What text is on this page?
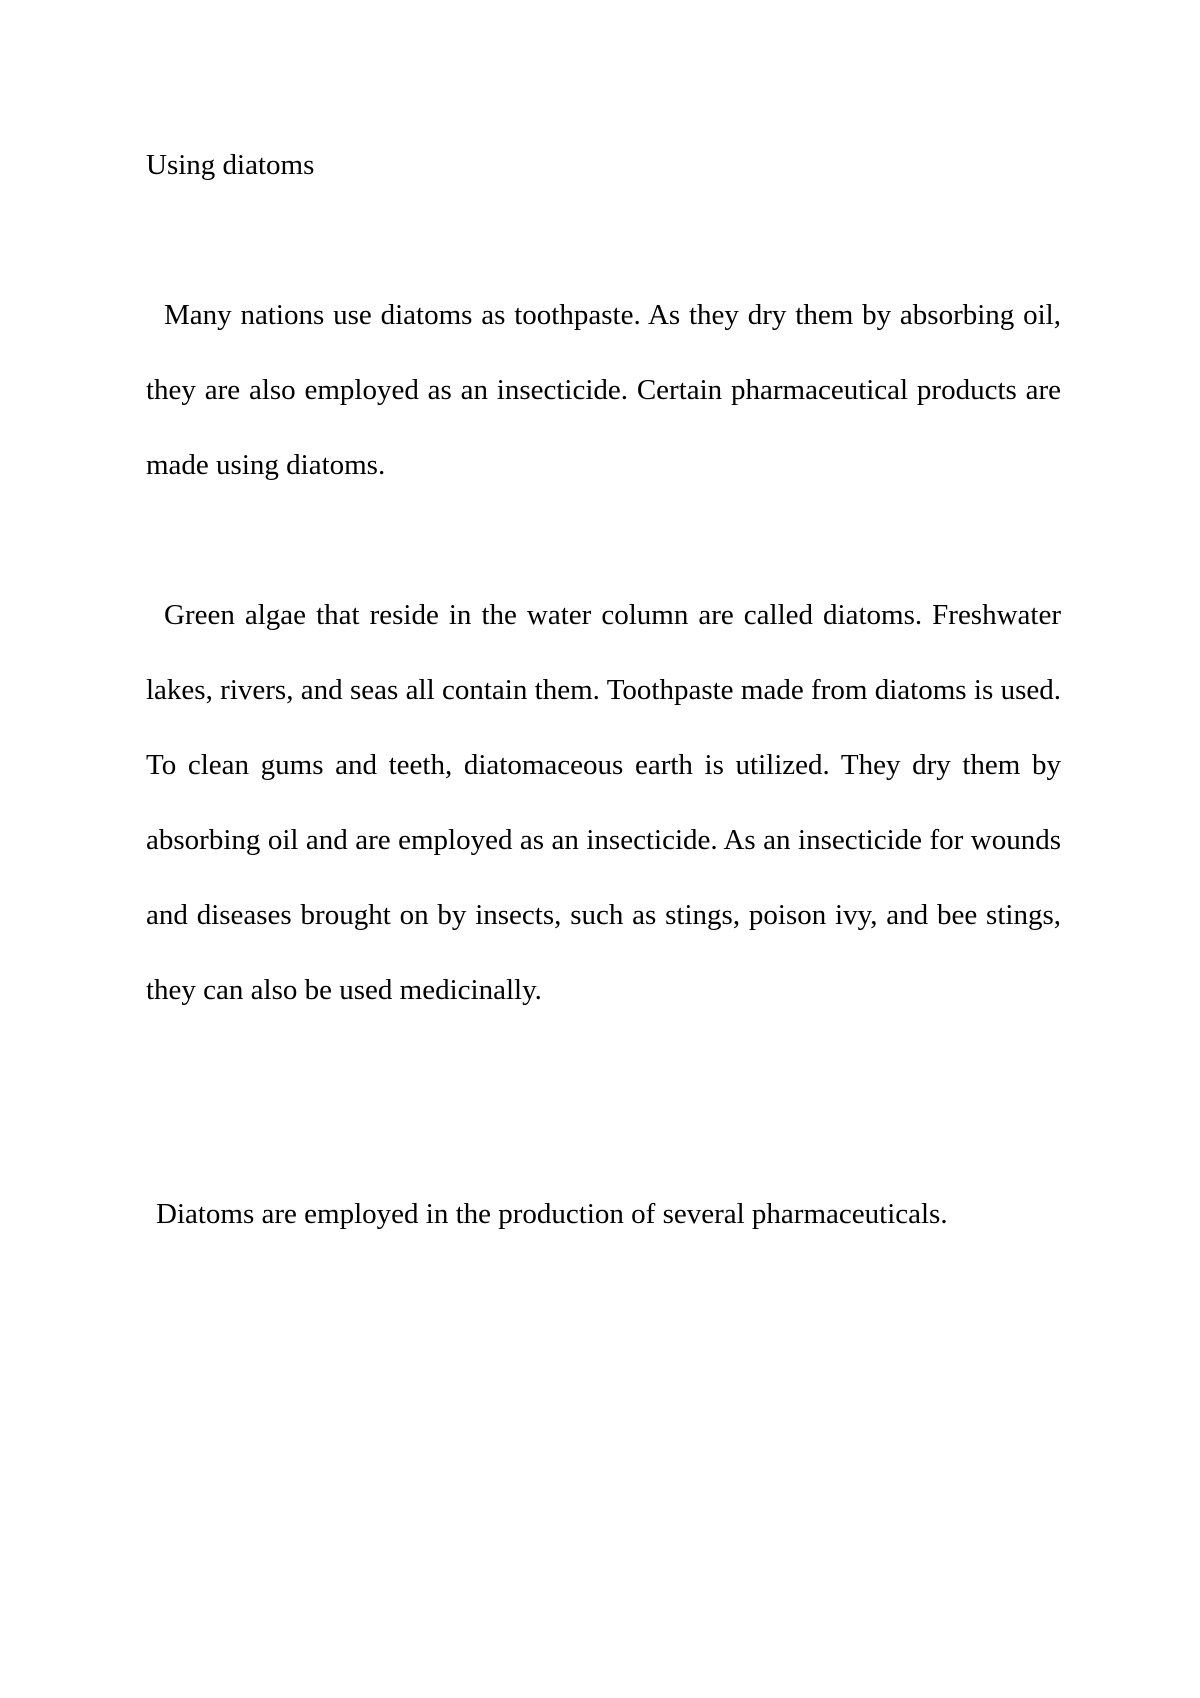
Using diatoms

Many nations use diatoms as toothpaste. As they dry them by absorbing oil, they are also employed as an insecticide. Certain pharmaceutical products are made using diatoms.

Green algae that reside in the water column are called diatoms. Freshwater lakes, rivers, and seas all contain them. Toothpaste made from diatoms is used. To clean gums and teeth, diatomaceous earth is utilized. They dry them by absorbing oil and are employed as an insecticide. As an insecticide for wounds and diseases brought on by insects, such as stings, poison ivy, and bee stings, they can also be used medicinally.

Diatoms are employed in the production of several pharmaceuticals.
